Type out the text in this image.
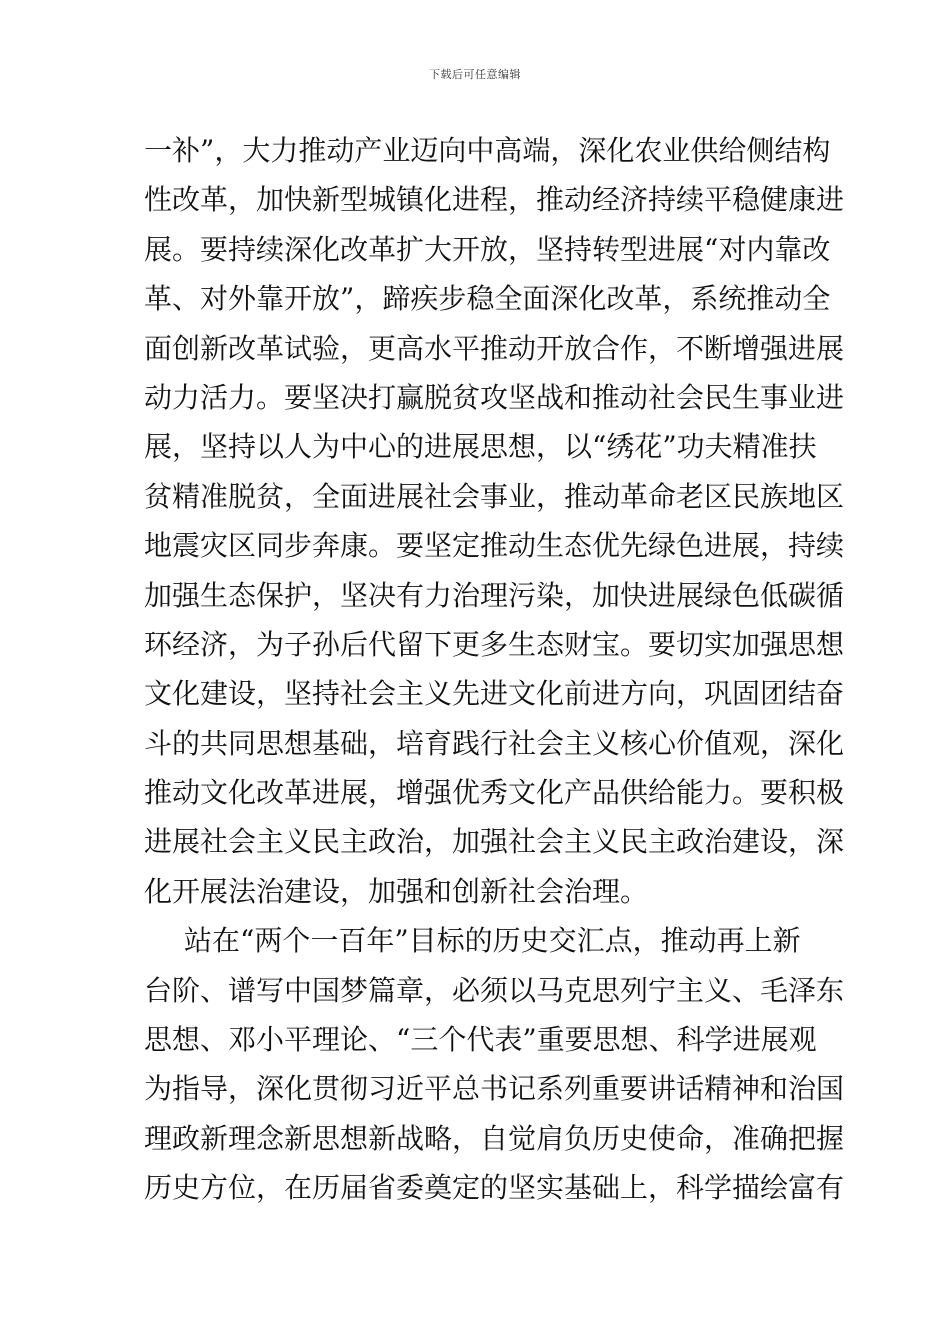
下载后可任意编辑
一补”，大力推动产业迈向中高端，深化农业供给侧结构
性改革，加快新型城镇化进程，推动经济持续平稳健康进
展。要持续深化改革扩大开放，坚持转型进展“对内靠改
革、对外靠开放”，蹄疾步稳全面深化改革，系统推动全
面创新改革试验，更高水平推动开放合作，不断增强进展
动力活力。要坚决打赢脱贫攻坚战和推动社会民生事业进
展，坚持以人为中心的进展思想，以“绣花”功夫精准扶
贫精准脱贫，全面进展社会事业，推动革命老区民族地区
地震灾区同步奔康。要坚定推动生态优先绿色进展，持续
加强生态保护，坚决有力治理污染，加快进展绿色低碳循
环经济，为子孙后代留下更多生态财宝。要切实加强思想
文化建设，坚持社会主义先进文化前进方向，巩固团结奋
斗的共同思想基础，培育践行社会主义核心价值观，深化
推动文化改革进展，增强优秀文化产品供给能力。要积极
进展社会主义民主政治，加强社会主义民主政治建设，深
化开展法治建设，加强和创新社会治理。
站在“两个一百年”目标的历史交汇点，推动再上新
台阶、谱写中国梦篇章，必须以马克思列宁主义、毛泽东
思想、邓小平理论、“三个代表”重要思想、科学进展观
为指导，深化贯彻习近平总书记系列重要讲话精神和治国
理政新理念新思想新战略，自觉肩负历史使命，准确把握
历史方位，在历届省委奠定的坚实基础上，科学描绘富有
